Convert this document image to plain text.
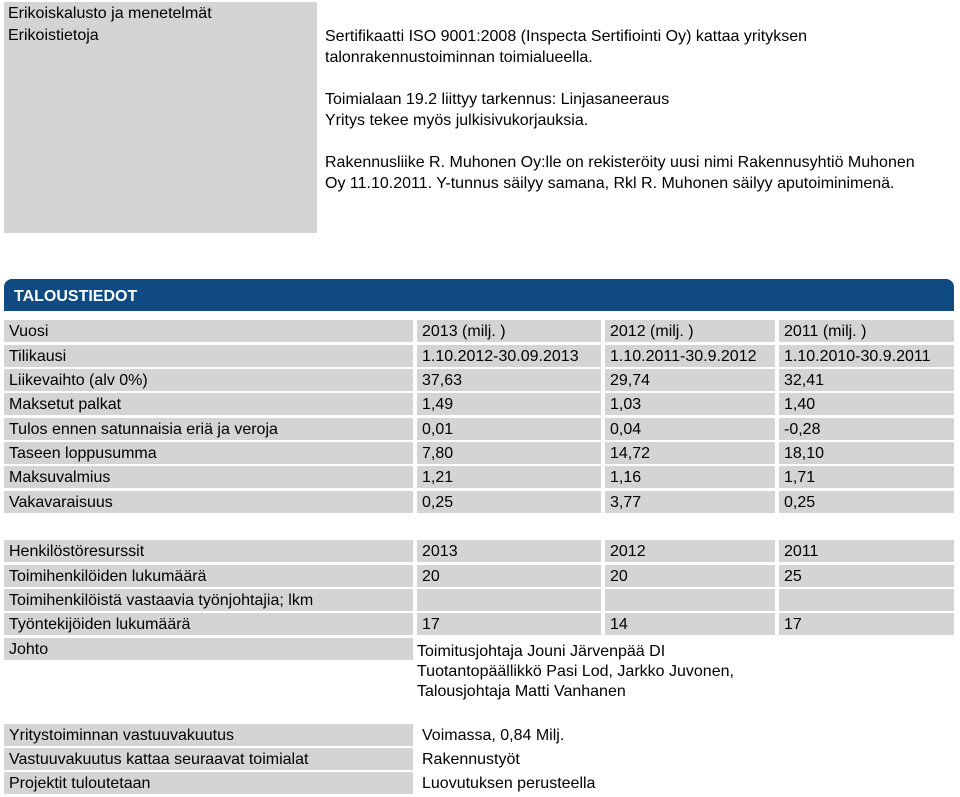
Erikoiskalusto ja menetelmät
Erikoistietoja	Sertifikaatti ISO 9001:2008 (Inspecta Sertifiointi Oy) kattaa yrityksen talonrakennustoiminnan toimialueella.

Toimialaan 19.2 liittyy tarkennus: Linjasaneeraus

Yritys tekee myös julkisivukorjauksia.

Rakennusliike R. Muhonen Oy:lle on rekisteröity uusi nimi Rakennusyhtiö Muhonen Oy 11.10.2011. Y-tunnus säilyy samana, Rkl R. Muhonen säilyy aputoiminimenä.

TALOUSTIEDOT
Vuosi	2013 (milj. )	2012 (milj. )	2011 (milj. )
Tilikausi	1.10.2012-30.09.2013	1.10.2011-30.9.2012	1.10.2010-30.9.2011
Liikevaihto (alv 0%)	37,63	29,74	32,41
Maksetut palkat	1,49	1,03	1,40
Tulos ennen satunnaisia eriä ja veroja	0,01	0,04	-0,28
Taseen loppusumma	7,80	14,72	18,10
Maksuvalmius	1,21	1,16	1,71
Vakavaraisuus	0,25	3,77	0,25
Henkilöstöresurssit	2013	2012	2011
Toimihenkilöiden lukumäärä	20	20	25
Toimihenkilöistä vastaavia työnjohtajia; lkm
Työntekijöiden lukumäärä	17	14	17
Johto	Toimitusjohtaja Jouni Järvenpää DI
Tuotantopäällikkö Pasi Lod, Jarkko Juvonen,
Talousjohtaja Matti Vanhanen
Yritystoiminnan vastuuvakuutus	Voimassa, 0,84 Milj.
Vastuuvakuutus kattaa seuraavat toimialat	Rakennustyöt
Projektit tuloutetaan	Luovutuksen perusteella
